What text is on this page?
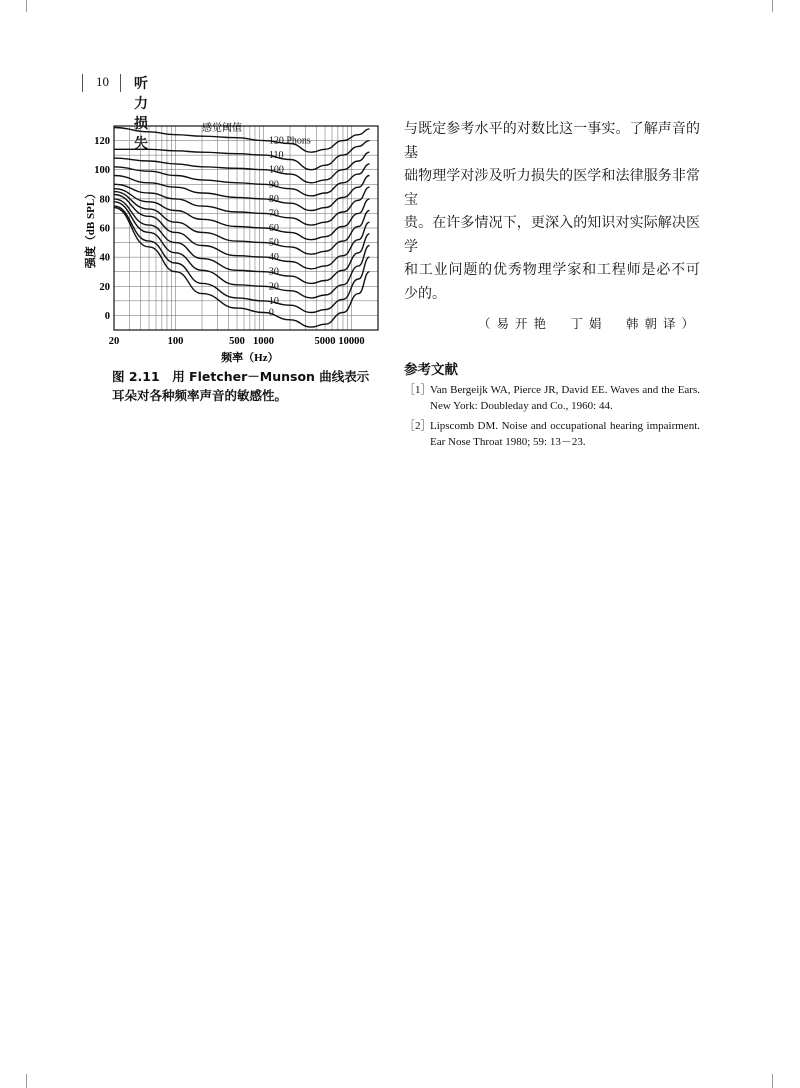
10 听力损失	120 Phons
110
100
90
80
70
60
50
40
30
20
10
0
0
20
40
60
80
100
120
20	100	500 1000	5000 10000
感觉阈值
强度（dB SPL）
频率（Hz）
图 2.11　用 Fletcher－Munson 曲线表示耳朵对各种频率声音的敏感性。

与既定参考水平的对数比这一事实。了解声音的基

础物理学对涉及听力损失的医学和法律服务非常宝

贵。在许多情况下，更深入的知识对实际解决医学

和工业问题的优秀物理学家和工程师是必不可

少的。

（易开艳　丁娟　韩朝译）
参考文献
［1］
Van Bergeijk WA, Pierce JR, David EE. Waves and the Ears. New York: Doubleday and Co., 1960: 44.
［2］
Lipscomb DM. Noise and occupational hearing impairment. Ear Nose Throat 1980; 59: 13－23.
